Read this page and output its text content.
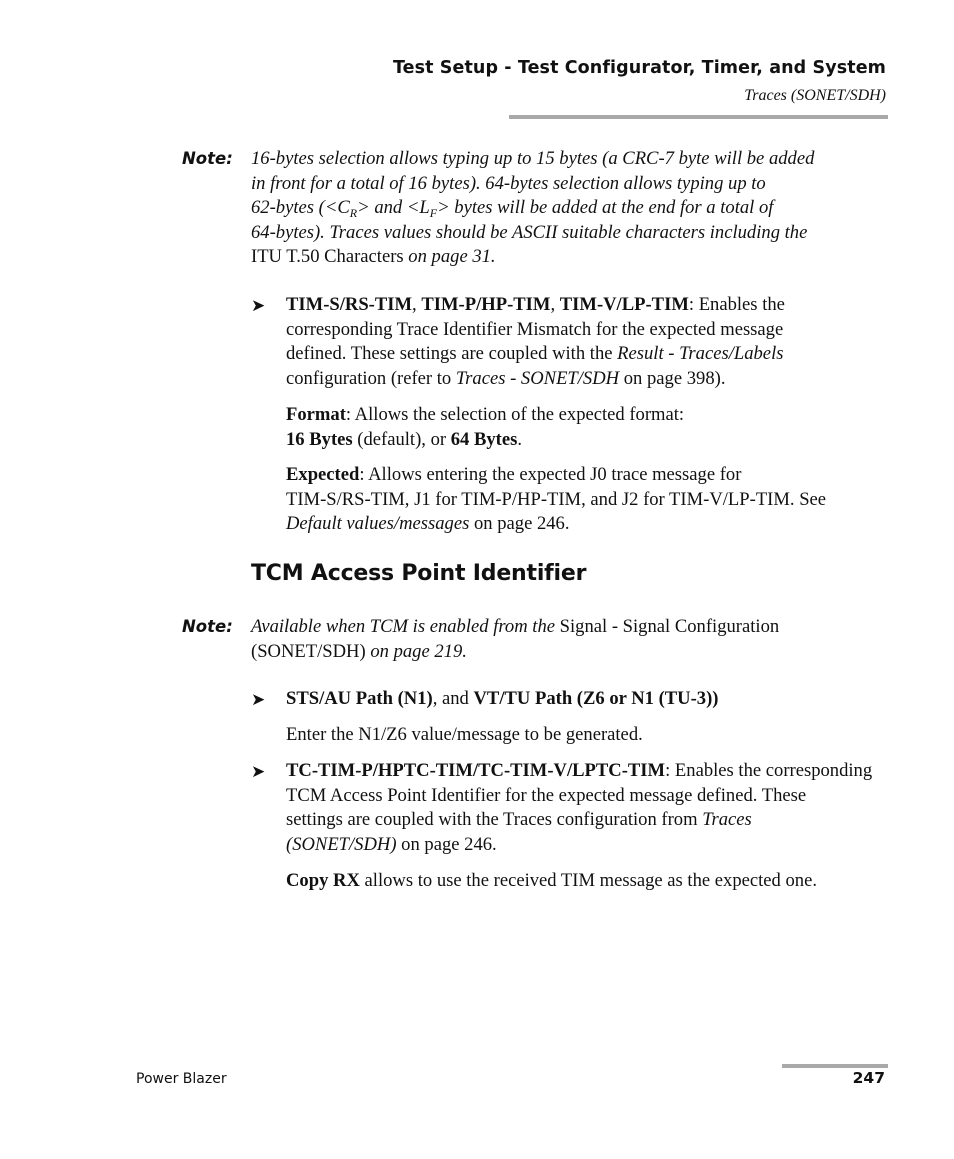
Test Setup - Test Configurator, Timer, and System
Traces (SONET/SDH)
Note: 16-bytes selection allows typing up to 15 bytes (a CRC-7 byte will be added
in front for a total of 16 bytes). 64-bytes selection allows typing up to
62-bytes ($<C_R>$ and $<L_F>$ bytes will be added at the end for a total of
64-bytes). Traces values should be ASCII suitable characters including the
ITU T.50 Characters on page 31.
➤ TIM-S/RS-TIM, TIM-P/HP-TIM, TIM-V/LP-TIM: Enables the
corresponding Trace Identifier Mismatch for the expected message
defined. These settings are coupled with the Result - Traces/Labels
configuration (refer to Traces - SONET/SDH on page 398).
Format: Allows the selection of the expected format:
16 Bytes (default), or 64 Bytes.
Expected: Allows entering the expected J0 trace message for
TIM-S/RS-TIM, J1 for TIM-P/HP-TIM, and J2 for TIM-V/LP-TIM. See
Default values/messages on page 246.
TCM Access Point Identifier
Note: Available when TCM is enabled from the Signal - Signal Configuration
(SONET/SDH) on page 219.
➤ STS/AU Path (N1), and VT/TU Path (Z6 or N1 (TU-3))
Enter the N1/Z6 value/message to be generated.
➤ TC-TIM-P/HPTC-TIM/TC-TIM-V/LPTC-TIM: Enables the corresponding
TCM Access Point Identifier for the expected message defined. These
settings are coupled with the Traces configuration from Traces
(SONET/SDH) on page 246.
Copy RX allows to use the received TIM message as the expected one.
Power Blazer	247
